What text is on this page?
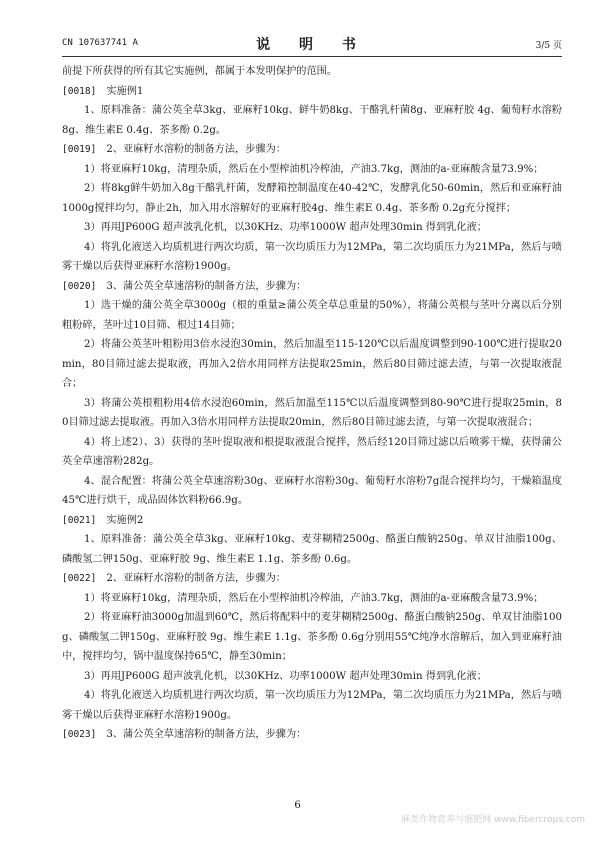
CN 107637741 A	说 明 书	3/5 页

前提下所获得的所有其它实施例，都属于本发明保护的范围。

[0018] 实施例1

1、原料准备：蒲公英全草3kg、亚麻籽10kg、鲜牛奶8kg、干酪乳杆菌8g、亚麻籽胶 4g、葡萄籽水溶粉8g、维生素E 0.4g、茶多酚 0.2g。

[0019] 2、亚麻籽水溶粉的制备方法，步骤为：

1）将亚麻籽10kg，清理杂质，然后在小型榨油机冷榨油，产油3.7kg，测油的a-亚麻酸含量73.9%；

2）将8kg鲜牛奶加入8g干酪乳杆菌，发酵箱控制温度在40-42℃，发酵乳化50-60min，然后和亚麻籽油1000g搅拌均匀，静止2h，加入用水溶解好的亚麻籽胶4g、维生素E 0.4g、茶多酚 0.2g充分搅拌；

3）再用JP600G 超声波乳化机，以30KHz、功率1000W 超声处理30min 得到乳化液；

4）将乳化液送入均质机进行两次均质，第一次均质压力为12MPa，第二次均质压力为21MPa，然后与喷雾干燥以后获得亚麻籽水溶粉1900g。

[0020] 3、蒲公英全草速溶粉的制备方法，步骤为：

1）选干燥的蒲公英全草3000g（根的重量≥蒲公英全草总重量的50%），将蒲公英根与茎叶分离以后分别粗粉碎，茎叶过10目筛、根过14目筛；

2）将蒲公英茎叶粗粉用3倍水浸泡30min，然后加温至115-120℃以后温度调整到90-100℃进行提取20min，80目筛过滤去提取液，再加入2倍水用同样方法提取25min，然后80目筛过滤去渣，与第一次提取液混合；

3）将蒲公英根粗粉用4倍水浸泡60min，然后加温至115℃以后温度调整到80-90℃进行提取25min，80目筛过滤去提取液。再加入3倍水用同样方法提取20min，然后80目筛过滤去渣，与第一次提取液混合；

4）将上述2）、3）获得的茎叶提取液和根提取液混合搅拌，然后经120目筛过滤以后喷雾干燥，获得蒲公英全草速溶粉282g。

4、混合配置：将蒲公英全草速溶粉30g、亚麻籽水溶粉30g、葡萄籽水溶粉7g混合搅拌均匀，干燥箱温度45℃进行烘干，成品固体饮料粉66.9g。

[0021] 实施例2

1、原料准备：蒲公英全草3kg、亚麻籽10kg、麦芽糊精2500g、酪蛋白酸钠250g、单双甘油脂100g、磷酸氢二钾150g、亚麻籽胶 9g、维生素E 1.1g、茶多酚 0.6g。

[0022] 2、亚麻籽水溶粉的制备方法，步骤为：

1）将亚麻籽10kg，清理杂质，然后在小型榨油机冷榨油，产油3.7kg，测油的a-亚麻酸含量73.9%；

2）将亚麻籽油3000g加温到60℃，然后将配料中的麦芽糊精2500g、酪蛋白酸钠250g、单双甘油脂100g、磷酸氢二钾150g、亚麻籽胶 9g、维生素E 1.1g、茶多酚 0.6g分别用55℃纯净水溶解后，加入到亚麻籽油中，搅拌均匀，锅中温度保持65℃，静至30min；

3）再用JP600G 超声波乳化机，以30KHz、功率1000W 超声处理30min 得到乳化液；

4）将乳化液送入均质机进行两次均质，第一次均质压力为12MPa，第二次均质压力为21MPa，然后与喷雾干燥以后获得亚麻籽水溶粉1900g。

[0023] 3、蒲公英全草速溶粉的制备方法，步骤为：

6
麻类作物营养与施肥网 www.fibercrops.com
